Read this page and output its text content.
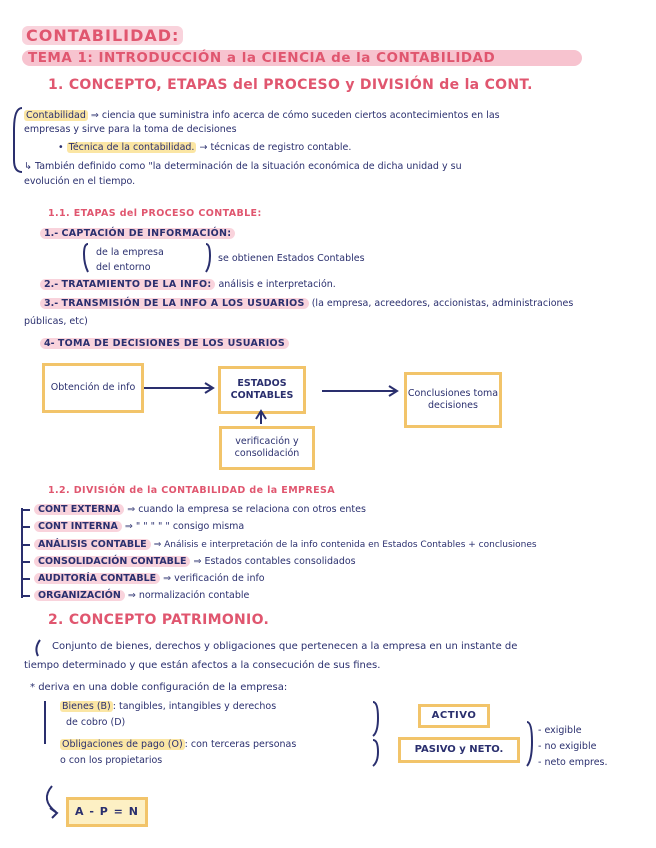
CONTABILIDAD:
TEMA 1: INTRODUCCIÓN a la CIENCIA de la CONTABILIDAD
1. CONCEPTO, ETAPAS del PROCESO y DIVISIÓN de la CONT.
Contabilidad ⇒ ciencia que suministra info acerca de cómo suceden ciertos acontecimientos en las
empresas y sirve para la toma de decisiones
• Técnica de la contabilidad. → técnicas de registro contable.
↳ También definido como "la determinación de la situación económica de dicha unidad y su
evolución en el tiempo.
1.1. ETAPAS del PROCESO CONTABLE:
1.- CAPTACIÓN DE INFORMACIÓN:
de la empresa
del entorno
se obtienen Estados Contables
2.- TRATAMIENTO DE LA INFO: análisis e interpretación.
3.- TRANSMISIÓN DE LA INFO A LOS USUARIOS (la empresa, acreedores, accionistas, administraciones
públicas, etc)
4- TOMA DE DECISIONES DE LOS USUARIOS
Obtención de info	ESTADOS CONTABLES	Conclusiones toma decisiones
verificación y consolidación
1.2. DIVISIÓN de la CONTABILIDAD de la EMPRESA
CONT EXTERNA ⇒ cuando la empresa se relaciona con otros entes
CONT INTERNA ⇒ " " " " " consigo misma
ANÁLISIS CONTABLE ⇒ Análisis e interpretación de la info contenida en Estados Contables + conclusiones
CONSOLIDACIÓN CONTABLE ⇒ Estados contables consolidados
AUDITORÍA CONTABLE ⇒ verificación de info
ORGANIZACIÓN ⇒ normalización contable
2. CONCEPTO PATRIMONIO.
Conjunto de bienes, derechos y obligaciones que pertenecen a la empresa en un instante de
tiempo determinado y que están afectos a la consecución de sus fines.
* deriva en una doble configuración de la empresa:
Bienes (B) : tangibles, intangibles y derechos
de cobro (D)
Obligaciones de pago (O) : con terceras personas
o con los propietarios
ACTIVO
PASIVO y NETO.
- exigible
- no exigible
- neto empres.
A - P = N
